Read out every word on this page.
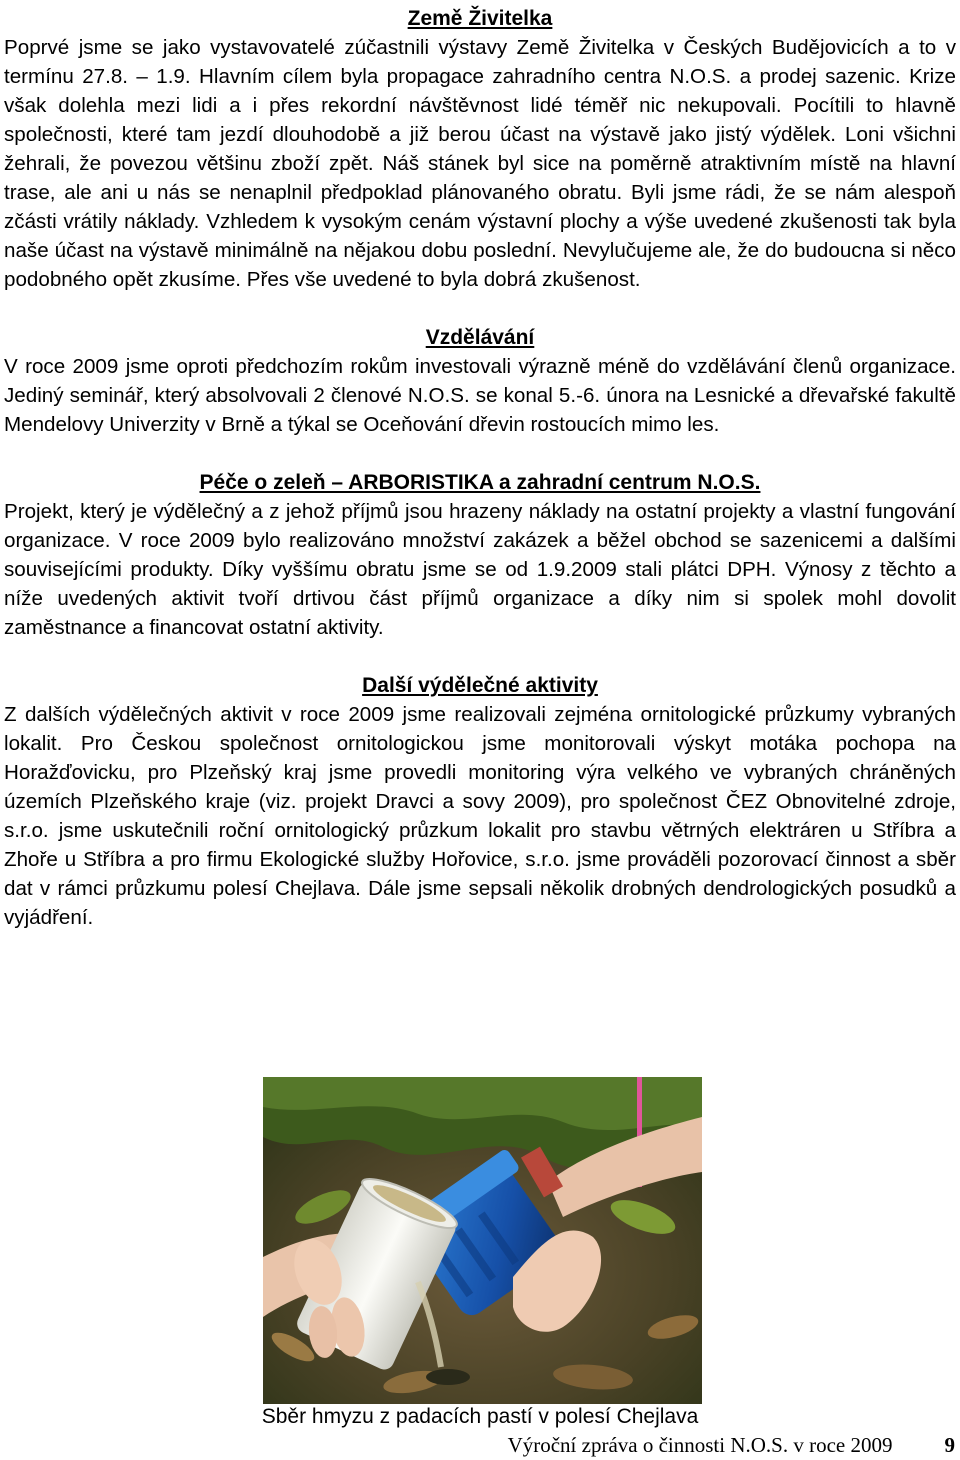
Země Živitelka

Poprvé jsme se jako vystavovatelé zúčastnili výstavy Země Živitelka v Českých Budějovicích a to v termínu 27.8. – 1.9. Hlavním cílem byla propagace zahradního centra N.O.S. a prodej sazenic. Krize však dolehla mezi lidi a i přes rekordní návštěvnost lidé téměř nic nekupovali. Pocítili to hlavně společnosti, které tam jezdí dlouhodobě a již berou účast na výstavě jako jistý výdělek. Loni všichni žehrali, že povezou většinu zboží zpět. Náš stánek byl sice na poměrně atraktivním místě na hlavní trase, ale ani u nás se nenaplnil předpoklad plánovaného obratu. Byli jsme rádi, že se nám alespoň zčásti vrátily náklady. Vzhledem k vysokým cenám výstavní plochy a výše uvedené zkušenosti tak byla naše účast na výstavě minimálně na nějakou dobu poslední. Nevylučujeme ale, že do budoucna si něco podobného opět zkusíme. Přes vše uvedené to byla dobrá zkušenost.

Vzdělávání

V roce 2009 jsme oproti předchozím rokům investovali výrazně méně do vzdělávání členů organizace. Jediný seminář, který absolvovali 2 členové N.O.S. se konal 5.-6. února na Lesnické a dřevařské fakultě Mendelovy Univerzity v Brně a týkal se Oceňování dřevin rostoucích mimo les.

Péče o zeleň – ARBORISTIKA a zahradní centrum N.O.S.

Projekt, který je výdělečný a z jehož příjmů jsou hrazeny náklady na ostatní projekty a vlastní fungování organizace. V roce 2009 bylo realizováno množství zakázek a běžel obchod se sazenicemi a dalšími souvisejícími produkty. Díky vyššímu obratu jsme se od 1.9.2009 stali plátci DPH. Výnosy z těchto a níže uvedených aktivit tvoří drtivou část příjmů organizace a díky nim si spolek mohl dovolit zaměstnance a financovat ostatní aktivity.

Další výdělečné aktivity

Z dalších výdělečných aktivit v roce 2009 jsme realizovali zejména ornitologické průzkumy vybraných lokalit. Pro Českou společnost ornitologickou jsme monitorovali výskyt motáka pochopa na Horažďovicku, pro Plzeňský kraj jsme provedli monitoring výra velkého ve vybraných chráněných územích Plzeňského kraje (viz. projekt Dravci a sovy 2009), pro společnost ČEZ Obnovitelné zdroje, s.r.o. jsme uskutečnili roční ornitologický průzkum lokalit pro stavbu větrných elektráren u Stříbra a Zhoře u Stříbra a pro firmu Ekologické služby Hořovice, s.r.o. jsme prováděli pozorovací činnost a sběr dat v rámci průzkumu polesí Chejlava. Dále jsme sepsali několik drobných dendrologických posudků a vyjádření.

Sběr hmyzu z padacích pastí v polesí Chejlava
Výroční zpráva o činnosti N.O.S. v roce 2009 9
